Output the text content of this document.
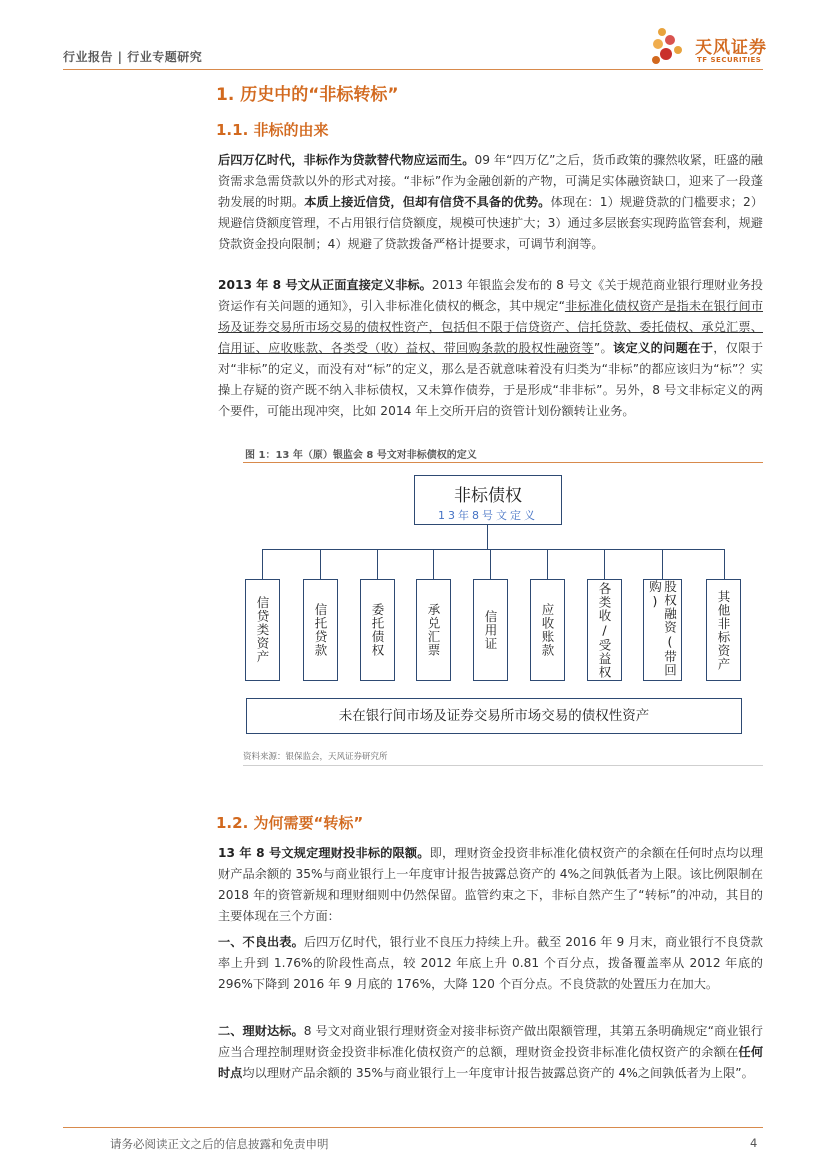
行业报告 | 行业专题研究	天风证券
TF SECURITIES
1. 历史中的“非标转标”
1.1. 非标的由来
后四万亿时代，非标作为贷款替代物应运而生。09 年“四万亿”之后，货币政策的骤然收紧，旺盛的融资需求急需贷款以外的形式对接。“非标”作为金融创新的产物，可满足实体融资缺口，迎来了一段蓬勃发展的时期。本质上接近信贷，但却有信贷不具备的优势。体现在：1）规避贷款的门槛要求；2）规避信贷额度管理，不占用银行信贷额度，规模可快速扩大；3）通过多层嵌套实现跨监管套利，规避贷款资金投向限制；4）规避了贷款拨备严格计提要求，可调节利润等。
2013 年 8 号文从正面直接定义非标。2013 年银监会发布的 8 号文《关于规范商业银行理财业务投资运作有关问题的通知》，引入非标准化债权的概念，其中规定“非标准化债权资产是指未在银行间市场及证券交易所市场交易的债权性资产，包括但不限于信贷资产、信托贷款、委托债权、承兑汇票、信用证、应收账款、各类受（收）益权、带回购条款的股权性融资等”。该定义的问题在于，仅限于对“非标”的定义，而没有对“标”的定义，那么是否就意味着没有归类为“非标”的都应该归为“标”？实操上存疑的资产既不纳入非标债权，又未算作债券，于是形成“非非标”。另外，8 号文非标定义的两个要件，可能出现冲突，比如 2014 年上交所开启的资管计划份额转让业务。
图 1：13 年（原）银监会 8 号文对非标债权的定义
非标债权
13年8号文定义
信贷类资产	信托贷款	委托债权	承兑汇票	信用证	应收账款	各类收/受益权	股权融资(带回购)	其他非标资产
未在银行间市场及证券交易所市场交易的债权性资产
资料来源：银保监会，天风证券研究所
1.2. 为何需要“转标”
13 年 8 号文规定理财投非标的限额。即，理财资金投资非标准化债权资产的余额在任何时点均以理财产品余额的 35%与商业银行上一年度审计报告披露总资产的 4%之间孰低者为上限。该比例限制在 2018 年的资管新规和理财细则中仍然保留。监管约束之下，非标自然产生了“转标”的冲动，其目的主要体现在三个方面：
一、不良出表。后四万亿时代，银行业不良压力持续上升。截至 2016 年 9 月末，商业银行不良贷款率上升到 1.76%的阶段性高点，较 2012 年底上升 0.81 个百分点，拨备覆盖率从 2012 年底的 296%下降到 2016 年 9 月底的 176%，大降 120 个百分点。不良贷款的处置压力在加大。
二、理财达标。8 号文对商业银行理财资金对接非标资产做出限额管理，其第五条明确规定“商业银行应当合理控制理财资金投资非标准化债权资产的总额，理财资金投资非标准化债权资产的余额在任何时点均以理财产品余额的 35%与商业银行上一年度审计报告披露总资产的 4%之间孰低者为上限”。
请务必阅读正文之后的信息披露和免责申明	4
